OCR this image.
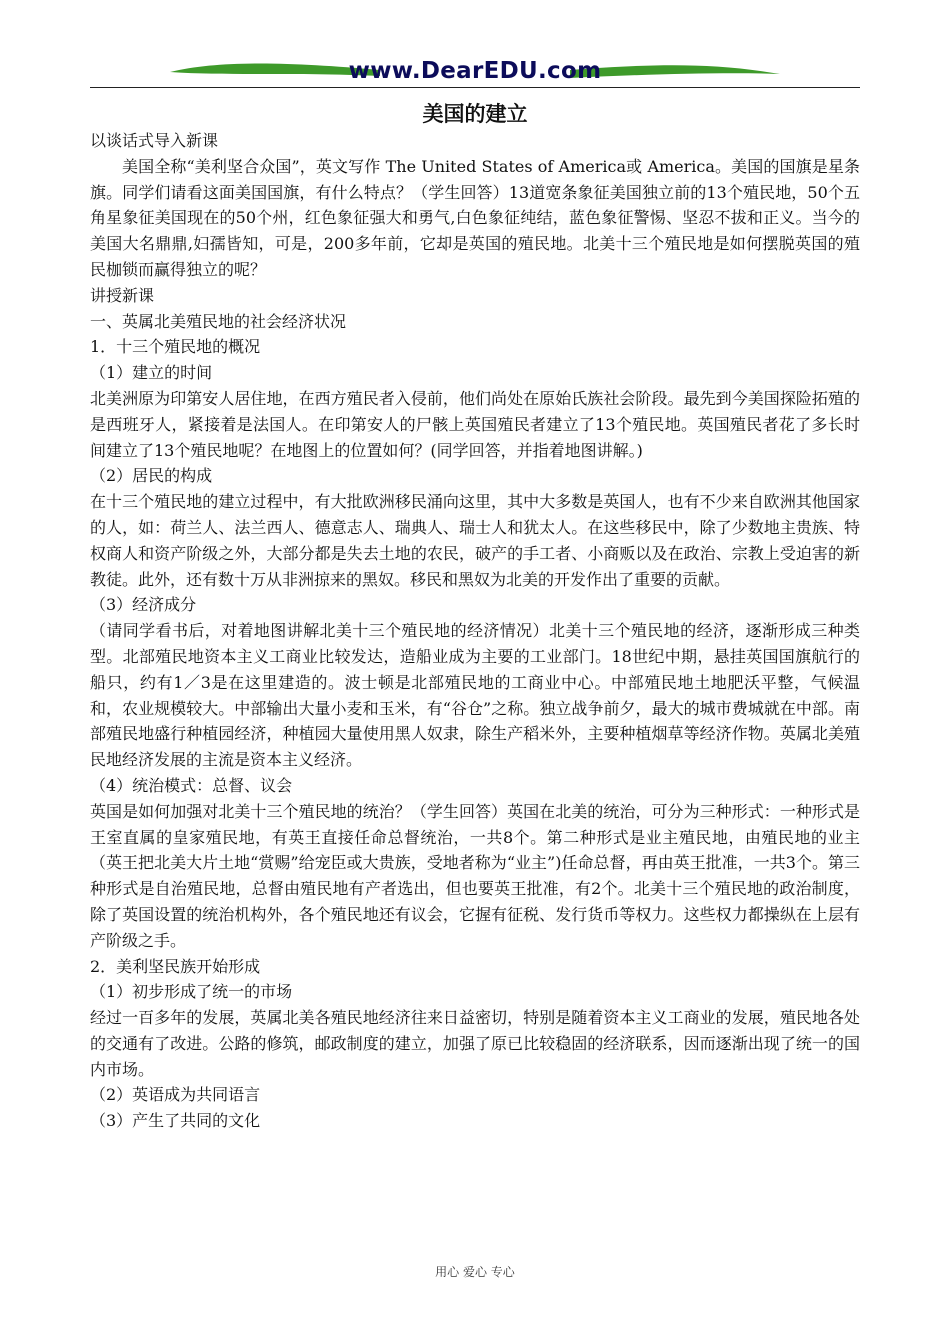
www.DearEDU.com
美国的建立

以谈话式导入新课

美国全称“美利坚合众国”，英文写作 The United States of America或 America。美国的国旗是星条旗。同学们请看这面美国国旗，有什么特点？（学生回答）13道宽条象征美国独立前的13个殖民地，50个五角星象征美国现在的50个州，红色象征强大和勇气,白色象征纯结，蓝色象征警惕、坚忍不拔和正义。当今的美国大名鼎鼎,妇孺皆知，可是，200多年前，它却是英国的殖民地。北美十三个殖民地是如何摆脱英国的殖民枷锁而赢得独立的呢？

讲授新课

一、英属北美殖民地的社会经济状况

1．十三个殖民地的概况

（1）建立的时间

北美洲原为印第安人居住地，在西方殖民者入侵前，他们尚处在原始氏族社会阶段。最先到今美国探险拓殖的是西班牙人，紧接着是法国人。在印第安人的尸骸上英国殖民者建立了13个殖民地。英国殖民者花了多长时间建立了13个殖民地呢？在地图上的位置如何？(同学回答，并指着地图讲解。)

（2）居民的构成

在十三个殖民地的建立过程中，有大批欧洲移民涌向这里，其中大多数是英国人，也有不少来自欧洲其他国家的人，如：荷兰人、法兰西人、德意志人、瑞典人、瑞士人和犹太人。在这些移民中，除了少数地主贵族、特权商人和资产阶级之外，大部分都是失去土地的农民，破产的手工者、小商贩以及在政治、宗教上受迫害的新教徒。此外，还有数十万从非洲掠来的黑奴。移民和黑奴为北美的开发作出了重要的贡献。

（3）经济成分

（请同学看书后，对着地图讲解北美十三个殖民地的经济情况）北美十三个殖民地的经济，逐渐形成三种类型。北部殖民地资本主义工商业比较发达，造船业成为主要的工业部门。18世纪中期，悬挂英国国旗航行的船只，约有1／3是在这里建造的。波士顿是北部殖民地的工商业中心。中部殖民地土地肥沃平整，气候温和，农业规模较大。中部输出大量小麦和玉米，有“谷仓”之称。独立战争前夕，最大的城市费城就在中部。南部殖民地盛行种植园经济，种植园大量使用黑人奴隶，除生产稻米外，主要种植烟草等经济作物。英属北美殖民地经济发展的主流是资本主义经济。

（4）统治模式：总督、议会

英国是如何加强对北美十三个殖民地的统治？（学生回答）英国在北美的统治，可分为三种形式：一种形式是王室直属的皇家殖民地，有英王直接任命总督统治，一共8个。第二种形式是业主殖民地，由殖民地的业主（英王把北美大片土地“赏赐”给宠臣或大贵族，受地者称为“业主”)任命总督，再由英王批准，一共3个。第三种形式是自治殖民地，总督由殖民地有产者选出，但也要英王批准，有2个。北美十三个殖民地的政治制度，除了英国设置的统治机构外，各个殖民地还有议会，它握有征税、发行货币等权力。这些权力都操纵在上层有产阶级之手。

2．美利坚民族开始形成

（1）初步形成了统一的市场

经过一百多年的发展，英属北美各殖民地经济往来日益密切，特别是随着资本主义工商业的发展，殖民地各处的交通有了改进。公路的修筑，邮政制度的建立，加强了原已比较稳固的经济联系，因而逐渐出现了统一的国内市场。

（2）英语成为共同语言

（3）产生了共同的文化

用心 爱心 专心
